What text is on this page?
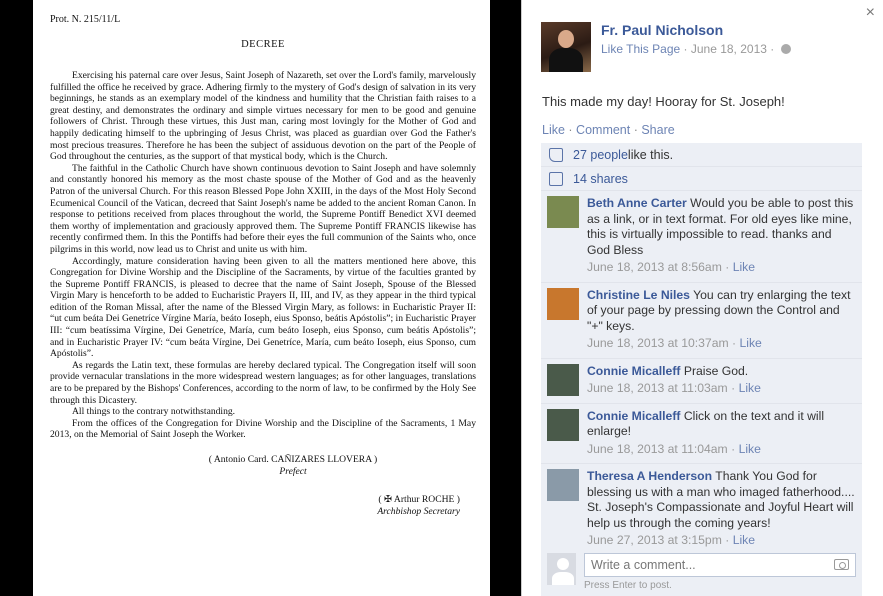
Prot. N. 215/11/L
DECREE
Exercising his paternal care over Jesus, Saint Joseph of Nazareth, set over the Lord's family, marvelously fulfilled the office he received by grace. Adhering firmly to the mystery of God's design of salvation in its very beginnings, he stands as an exemplary model of the kindness and humility that the Christian faith raises to a great destiny, and demonstrates the ordinary and simple virtues necessary for men to be good and genuine followers of Christ. Through these virtues, this Just man, caring most lovingly for the Mother of God and happily dedicating himself to the upbringing of Jesus Christ, was placed as guardian over God the Father's most precious treasures. Therefore he has been the subject of assiduous devotion on the part of the People of God throughout the centuries, as the support of that mystical body, which is the Church.
The faithful in the Catholic Church have shown continuous devotion to Saint Joseph and have solemnly and constantly honored his memory as the most chaste spouse of the Mother of God and as the heavenly Patron of the universal Church. For this reason Blessed Pope John XXIII, in the days of the Most Holy Second Ecumenical Council of the Vatican, decreed that Saint Joseph's name be added to the ancient Roman Canon. In response to petitions received from places throughout the world, the Supreme Pontiff Benedict XVI deemed them worthy of implementation and graciously approved them. The Supreme Pontiff FRANCIS likewise has recently confirmed them. In this the Pontiffs had before their eyes the full communion of the Saints who, once pilgrims in this world, now lead us to Christ and unite us with him.
Accordingly, mature consideration having been given to all the matters mentioned here above, this Congregation for Divine Worship and the Discipline of the Sacraments, by virtue of the faculties granted by the Supreme Pontiff FRANCIS, is pleased to decree that the name of Saint Joseph, Spouse of the Blessed Virgin Mary is henceforth to be added to Eucharistic Prayers II, III, and IV, as they appear in the third typical edition of the Roman Missal, after the name of the Blessed Virgin Mary, as follows: in Eucharistic Prayer II: “ut cum beáta Dei Genetríce Vírgine María, beáto Ioseph, eius Sponso, beátis Apóstolis”; in Eucharistic Prayer III: “cum beatíssima Vírgine, Dei Genetríce, María, cum beáto Ioseph, eius Sponso, cum beátis Apóstolis”; and in Eucharistic Prayer IV: “cum beáta Vírgine, Dei Genetríce, María, cum beáto Ioseph, eius Sponso, cum Apóstolis”.
As regards the Latin text, these formulas are hereby declared typical. The Congregation itself will soon provide vernacular translations in the more widespread western languages; as for other languages, translations are to be prepared by the Bishops' Conferences, according to the norm of law, to be confirmed by the Holy See through this Dicastery.
All things to the contrary notwithstanding.
From the offices of the Congregation for Divine Worship and the Discipline of the Sacraments, 1 May 2013, on the Memorial of Saint Joseph the Worker.
( Antonio Card. CAÑIZARES LLOVERA )
Prefect
( ✠ Arthur ROCHE )
Archbishop Secretary
×
Fr. Paul Nicholson
Like This Page · June 18, 2013 ·
This made my day! Hooray for St. Joseph!
Like · Comment · Share
27 people like this.
14 shares
Beth Anne Carter Would you be able to post this as a link, or in text format. For old eyes like mine, this is virtually impossible to read. thanks and God Bless
June 18, 2013 at 8:56am · Like
Christine Le Niles You can try enlarging the text of your page by pressing down the Control and "+" keys.
June 18, 2013 at 10:37am · Like
Connie Micalleff Praise God.
June 18, 2013 at 11:03am · Like
Connie Micalleff Click on the text and it will enlarge!
June 18, 2013 at 11:04am · Like
Theresa A Henderson Thank You God for blessing us with a man who imaged fatherhood.... St. Joseph's Compassionate and Joyful Heart will help us through the coming years!
June 27, 2013 at 3:15pm · Like
Write a comment...
Press Enter to post.
